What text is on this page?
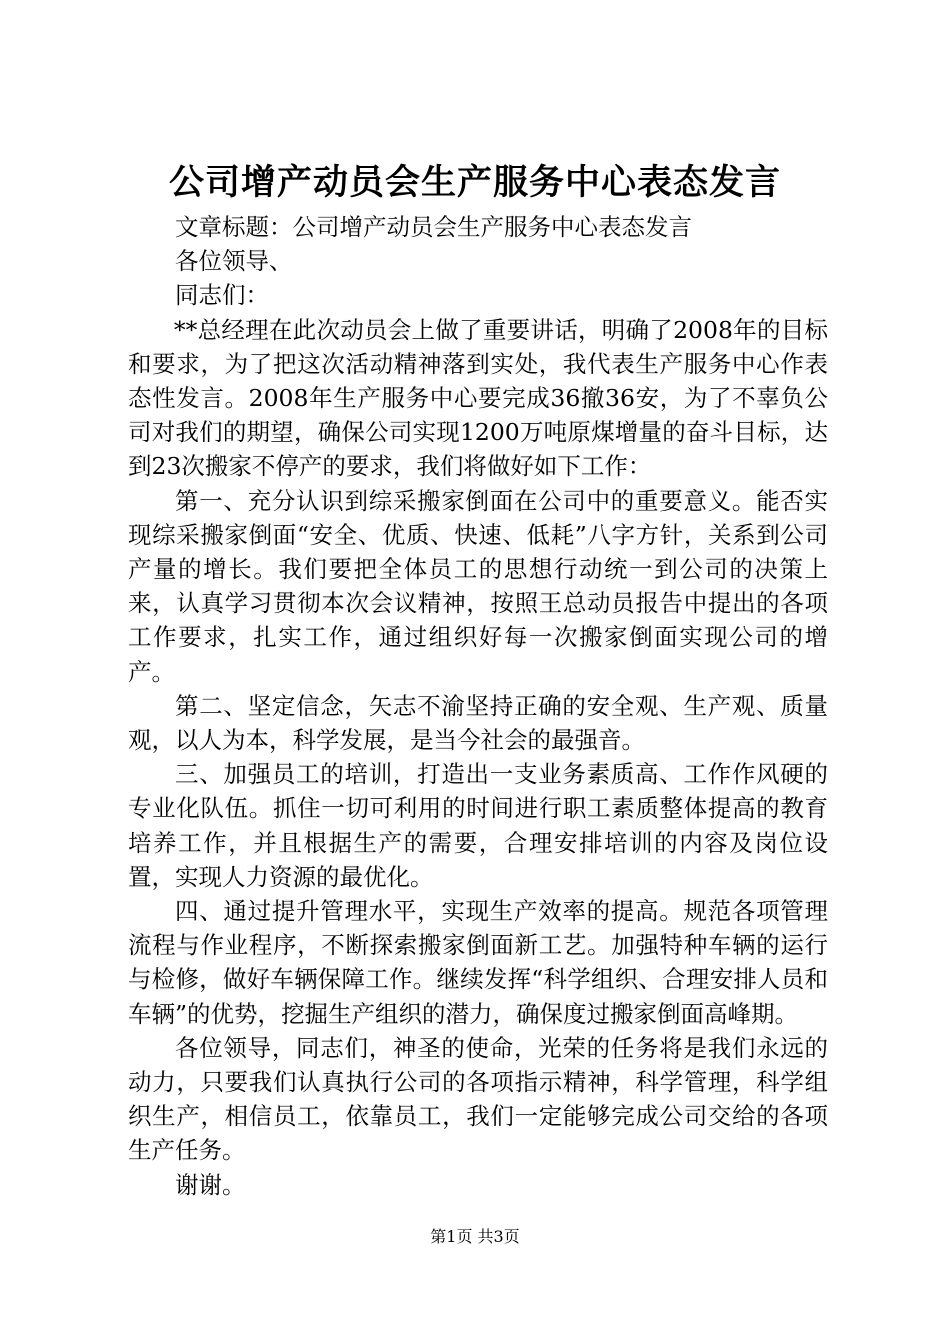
公司增产动员会生产服务中心表态发言

文章标题：公司增产动员会生产服务中心表态发言

各位领导、

同志们：

**总经理在此次动员会上做了重要讲话，明确了2008年的目标和要求，为了把这次活动精神落到实处，我代表生产服务中心作表态性发言。2008年生产服务中心要完成36撤36安，为了不辜负公司对我们的期望，确保公司实现1200万吨原煤增量的奋斗目标，达到23次搬家不停产的要求，我们将做好如下工作：

第一、充分认识到综采搬家倒面在公司中的重要意义。能否实现综采搬家倒面“安全、优质、快速、低耗”八字方针，关系到公司产量的增长。我们要把全体员工的思想行动统一到公司的决策上来，认真学习贯彻本次会议精神，按照王总动员报告中提出的各项工作要求，扎实工作，通过组织好每一次搬家倒面实现公司的增产。

第二、坚定信念，矢志不渝坚持正确的安全观、生产观、质量观，以人为本，科学发展，是当今社会的最强音。

三、加强员工的培训，打造出一支业务素质高、工作作风硬的专业化队伍。抓住一切可利用的时间进行职工素质整体提高的教育培养工作，并且根据生产的需要，合理安排培训的内容及岗位设置，实现人力资源的最优化。

四、通过提升管理水平，实现生产效率的提高。规范各项管理流程与作业程序，不断探索搬家倒面新工艺。加强特种车辆的运行与检修，做好车辆保障工作。继续发挥“科学组织、合理安排人员和车辆”的优势，挖掘生产组织的潜力，确保度过搬家倒面高峰期。

各位领导，同志们，神圣的使命，光荣的任务将是我们永远的动力，只要我们认真执行公司的各项指示精神，科学管理，科学组织生产，相信员工，依靠员工，我们一定能够完成公司交给的各项生产任务。

谢谢。

第1页 共3页
